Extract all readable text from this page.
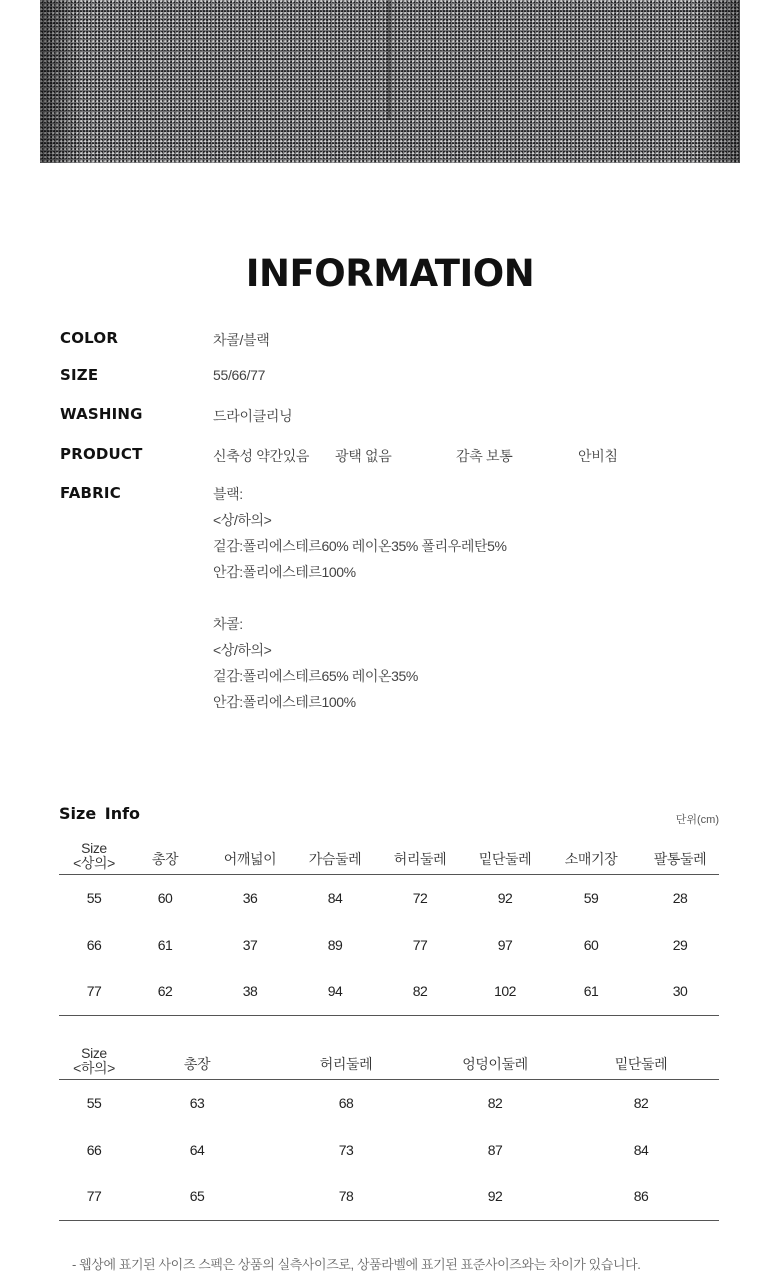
INFORMATION
COLOR	차콜/블랙
SIZE	55/66/77
WASHING	드라이클리닝
PRODUCT	신축성 약간있음 광택 없음	감촉 보통	안비침
FABRIC	블랙:
<상/하의>
겉감:폴리에스테르60% 레이온35% 폴리우레탄5%
안감:폴리에스테르100%
차콜:
<상/하의>
겉감:폴리에스테르65% 레이온35%
안감:폴리에스테르100%
Size Info	단위(cm)
Size
<상의>	총장	어깨넓이	가슴둘레	허리둘레	밑단둘레	소매기장	팔통둘레
55	60	36	84	72	92	59	28
66	61	37	89	77	97	60	29
77	62	38	94	82	102	61	30
Size
<하의>	총장	허리둘레	엉덩이둘레	밑단둘레
55	63	68	82	82
66	64	73	87	84
77	65	78	92	86
- 웹상에 표기된 사이즈 스펙은 상품의 실측사이즈로, 상품라벨에 표기된 표준사이즈와는 차이가 있습니다.
